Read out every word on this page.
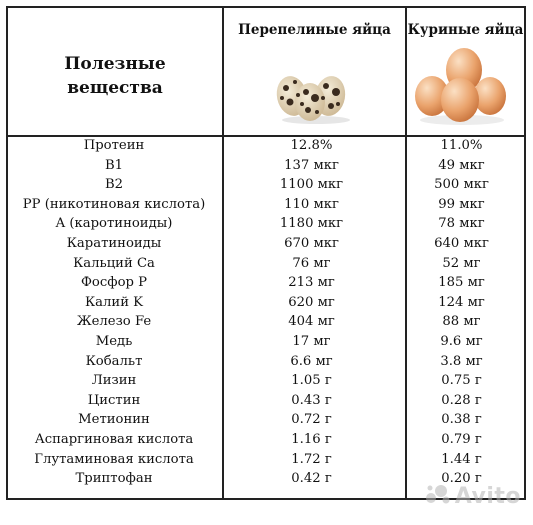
Полезные
вещества
Перепелиные яйца	Куриные яйца
Протеин	12.8%	11.0%
B1	137 мкг	49 мкг
B2	1100 мкг	500 мкг
PP (никотиновая кислота)	110 мкг	99 мкг
A (каротиноиды)	1180 мкг	78 мкг
Каратиноиды	670 мкг	640 мкг
Кальций Ca	76 мг	52 мг
Фосфор P	213 мг	185 мг
Калий K	620 мг	124 мг
Железо Fe	404 мг	88 мг
Медь	17 мг	9.6 мг
Кобальт	6.6 мг	3.8 мг
Лизин	1.05 г	0.75 г
Цистин	0.43 г	0.28 г
Метионин	0.72 г	0.38 г
Аспаргиновая кислота	1.16 г	0.79 г
Глутаминовая кислота	1.72 г	1.44 г
Триптофан	0.42 г	0.20 г
Avito
